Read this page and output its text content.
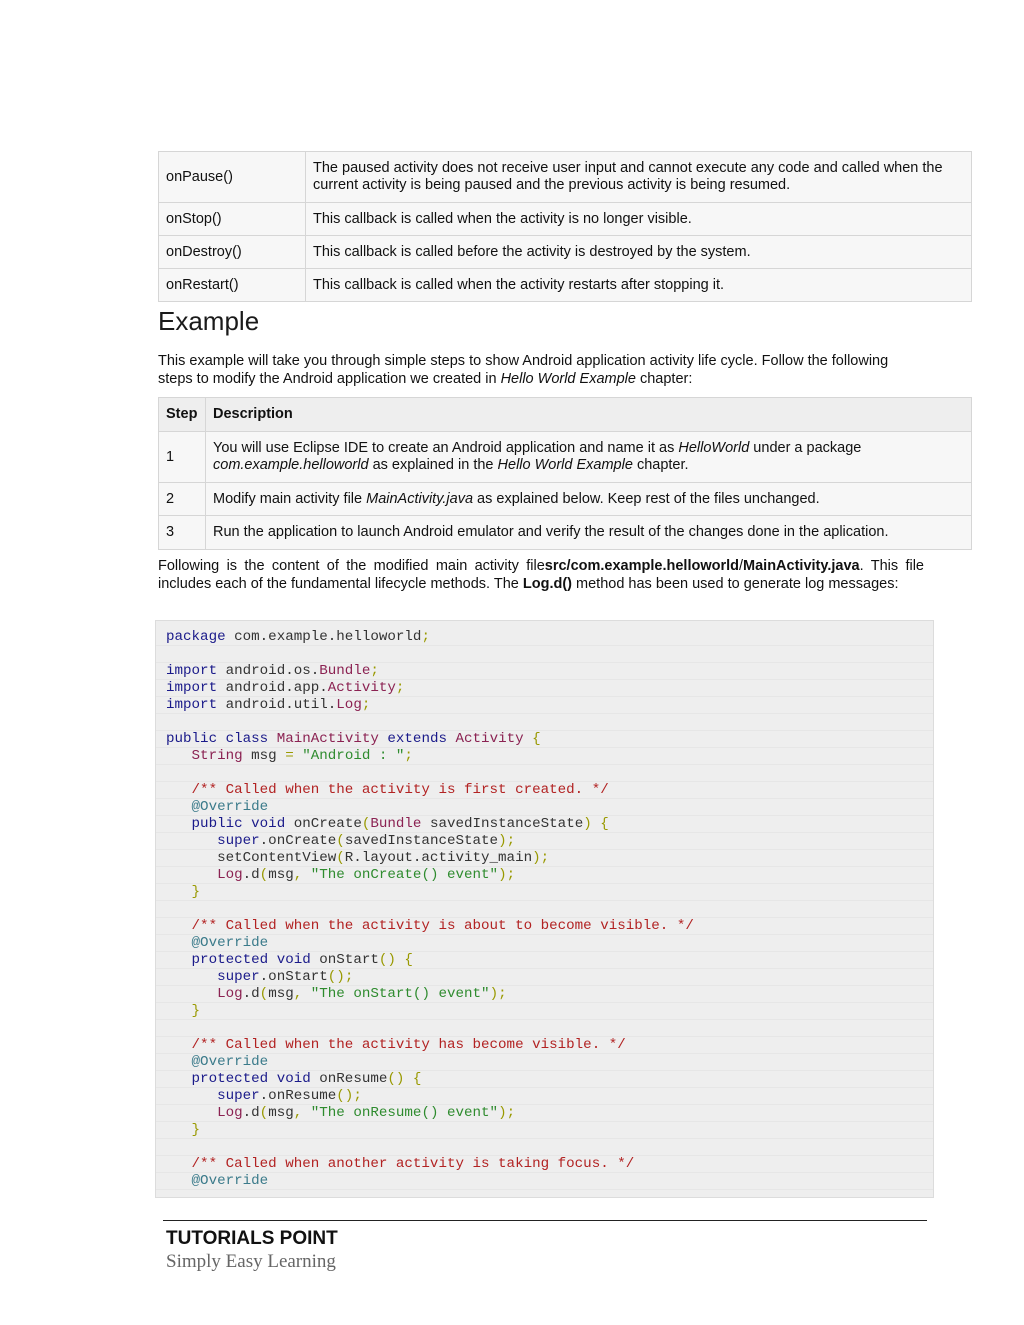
onPause()	The paused activity does not receive user input and cannot execute any code and called when the current activity is being paused and the previous activity is being resumed.
onStop()	This callback is called when the activity is no longer visible.
onDestroy()	This callback is called before the activity is destroyed by the system.
onRestart()	This callback is called when the activity restarts after stopping it.
Example

This example will take you through simple steps to show Android application activity life cycle. Follow the following steps to modify the Android application we created in Hello World Example chapter:

Step	Description
1	You will use Eclipse IDE to create an Android application and name it as HelloWorld under a package com.example.helloworld as explained in the Hello World Example chapter.
2	Modify main activity file MainActivity.java as explained below. Keep rest of the files unchanged.
3	Run the application to launch Android emulator and verify the result of the changes done in the aplication.

Following is the content of the modified main activity filesrc/com.example.helloworld/MainActivity.java. This file includes each of the fundamental lifecycle methods. The Log.d() method has been used to generate log messages:

package com.example.helloworld;
import android.os.Bundle;
import android.app.Activity;
import android.util.Log;
public class MainActivity extends Activity {
String msg = "Android : ";
/** Called when the activity is first created. */
@Override
public void onCreate(Bundle savedInstanceState) {
super.onCreate(savedInstanceState);
setContentView(R.layout.activity_main);
Log.d(msg, "The onCreate() event");
}
/** Called when the activity is about to become visible. */
@Override
protected void onStart() {
super.onStart();
Log.d(msg, "The onStart() event");
}
/** Called when the activity has become visible. */
@Override
protected void onResume() {
super.onResume();
Log.d(msg, "The onResume() event");
}
/** Called when another activity is taking focus. */
@Override
TUTORIALS POINT
Simply Easy Learning
